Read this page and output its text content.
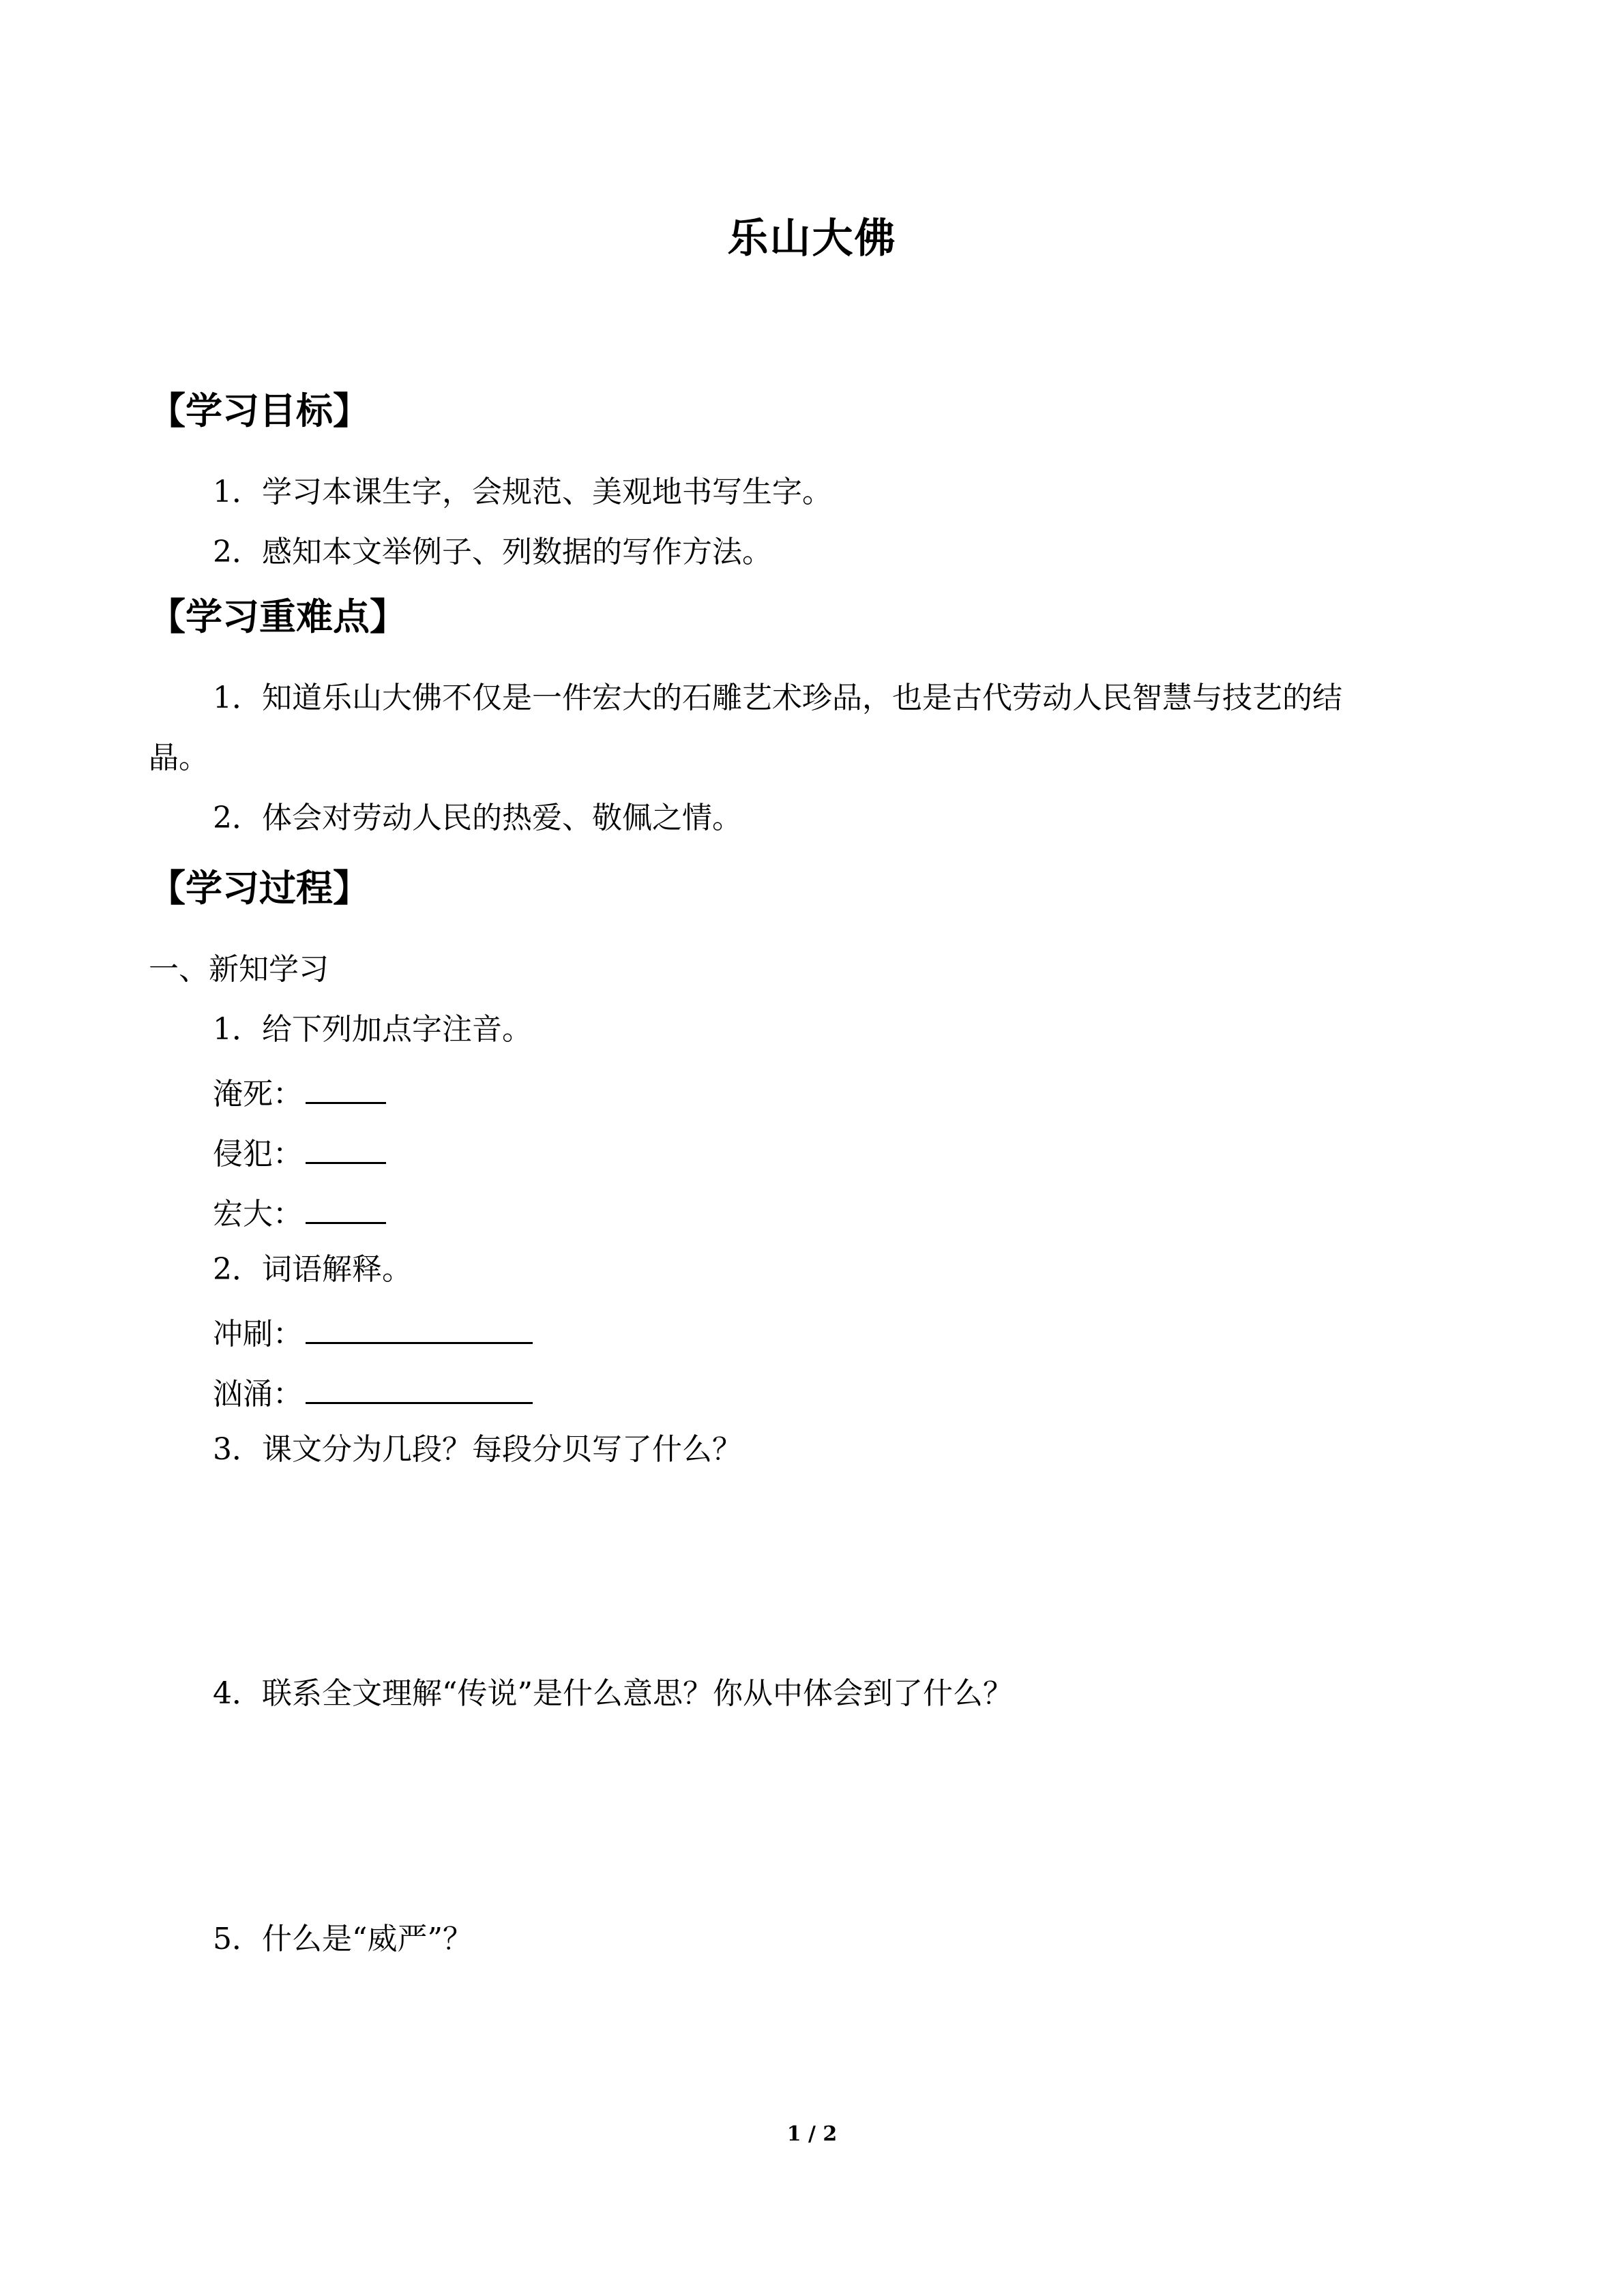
乐山大佛
【学习目标】
1．学习本课生字，会规范、美观地书写生字。
2．感知本文举例子、列数据的写作方法。
【学习重难点】
1．知道乐山大佛不仅是一件宏大的石雕艺术珍品，也是古代劳动人民智慧与技艺的结
晶。
2．体会对劳动人民的热爱、敬佩之情。
【学习过程】
一、新知学习
1．给下列加点字注音。
淹死：
侵犯：
宏大：
2．词语解释。
冲刷：
汹涌：
3．课文分为几段？每段分贝写了什么？
4．联系全文理解“传说”是什么意思？你从中体会到了什么？
5．什么是“威严”？
1 / 2
